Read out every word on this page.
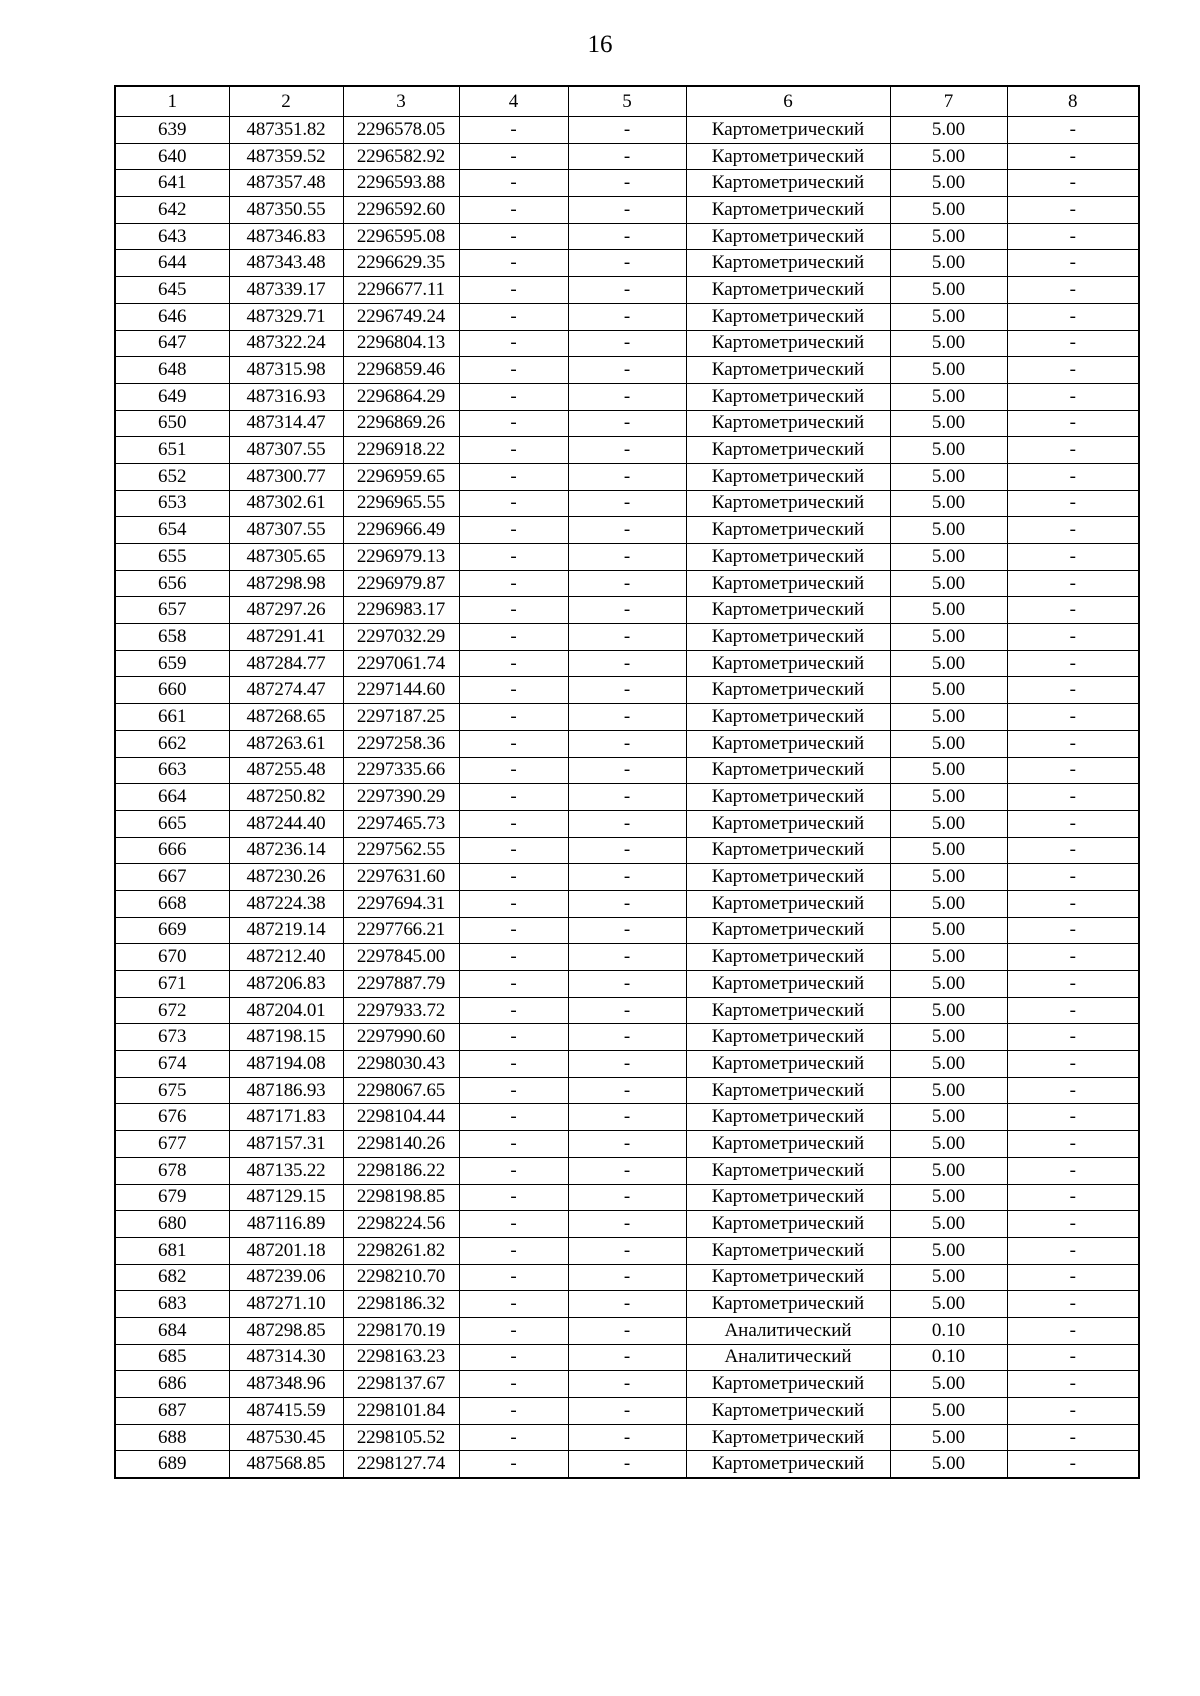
16
1	2	3	4	5	6	7	8
639	487351.82	2296578.05	-	-	Картометрический	5.00	-
640	487359.52	2296582.92	-	-	Картометрический	5.00	-
641	487357.48	2296593.88	-	-	Картометрический	5.00	-
642	487350.55	2296592.60	-	-	Картометрический	5.00	-
643	487346.83	2296595.08	-	-	Картометрический	5.00	-
644	487343.48	2296629.35	-	-	Картометрический	5.00	-
645	487339.17	2296677.11	-	-	Картометрический	5.00	-
646	487329.71	2296749.24	-	-	Картометрический	5.00	-
647	487322.24	2296804.13	-	-	Картометрический	5.00	-
648	487315.98	2296859.46	-	-	Картометрический	5.00	-
649	487316.93	2296864.29	-	-	Картометрический	5.00	-
650	487314.47	2296869.26	-	-	Картометрический	5.00	-
651	487307.55	2296918.22	-	-	Картометрический	5.00	-
652	487300.77	2296959.65	-	-	Картометрический	5.00	-
653	487302.61	2296965.55	-	-	Картометрический	5.00	-
654	487307.55	2296966.49	-	-	Картометрический	5.00	-
655	487305.65	2296979.13	-	-	Картометрический	5.00	-
656	487298.98	2296979.87	-	-	Картометрический	5.00	-
657	487297.26	2296983.17	-	-	Картометрический	5.00	-
658	487291.41	2297032.29	-	-	Картометрический	5.00	-
659	487284.77	2297061.74	-	-	Картометрический	5.00	-
660	487274.47	2297144.60	-	-	Картометрический	5.00	-
661	487268.65	2297187.25	-	-	Картометрический	5.00	-
662	487263.61	2297258.36	-	-	Картометрический	5.00	-
663	487255.48	2297335.66	-	-	Картометрический	5.00	-
664	487250.82	2297390.29	-	-	Картометрический	5.00	-
665	487244.40	2297465.73	-	-	Картометрический	5.00	-
666	487236.14	2297562.55	-	-	Картометрический	5.00	-
667	487230.26	2297631.60	-	-	Картометрический	5.00	-
668	487224.38	2297694.31	-	-	Картометрический	5.00	-
669	487219.14	2297766.21	-	-	Картометрический	5.00	-
670	487212.40	2297845.00	-	-	Картометрический	5.00	-
671	487206.83	2297887.79	-	-	Картометрический	5.00	-
672	487204.01	2297933.72	-	-	Картометрический	5.00	-
673	487198.15	2297990.60	-	-	Картометрический	5.00	-
674	487194.08	2298030.43	-	-	Картометрический	5.00	-
675	487186.93	2298067.65	-	-	Картометрический	5.00	-
676	487171.83	2298104.44	-	-	Картометрический	5.00	-
677	487157.31	2298140.26	-	-	Картометрический	5.00	-
678	487135.22	2298186.22	-	-	Картометрический	5.00	-
679	487129.15	2298198.85	-	-	Картометрический	5.00	-
680	487116.89	2298224.56	-	-	Картометрический	5.00	-
681	487201.18	2298261.82	-	-	Картометрический	5.00	-
682	487239.06	2298210.70	-	-	Картометрический	5.00	-
683	487271.10	2298186.32	-	-	Картометрический	5.00	-
684	487298.85	2298170.19	-	-	Аналитический	0.10	-
685	487314.30	2298163.23	-	-	Аналитический	0.10	-
686	487348.96	2298137.67	-	-	Картометрический	5.00	-
687	487415.59	2298101.84	-	-	Картометрический	5.00	-
688	487530.45	2298105.52	-	-	Картометрический	5.00	-
689	487568.85	2298127.74	-	-	Картометрический	5.00	-
